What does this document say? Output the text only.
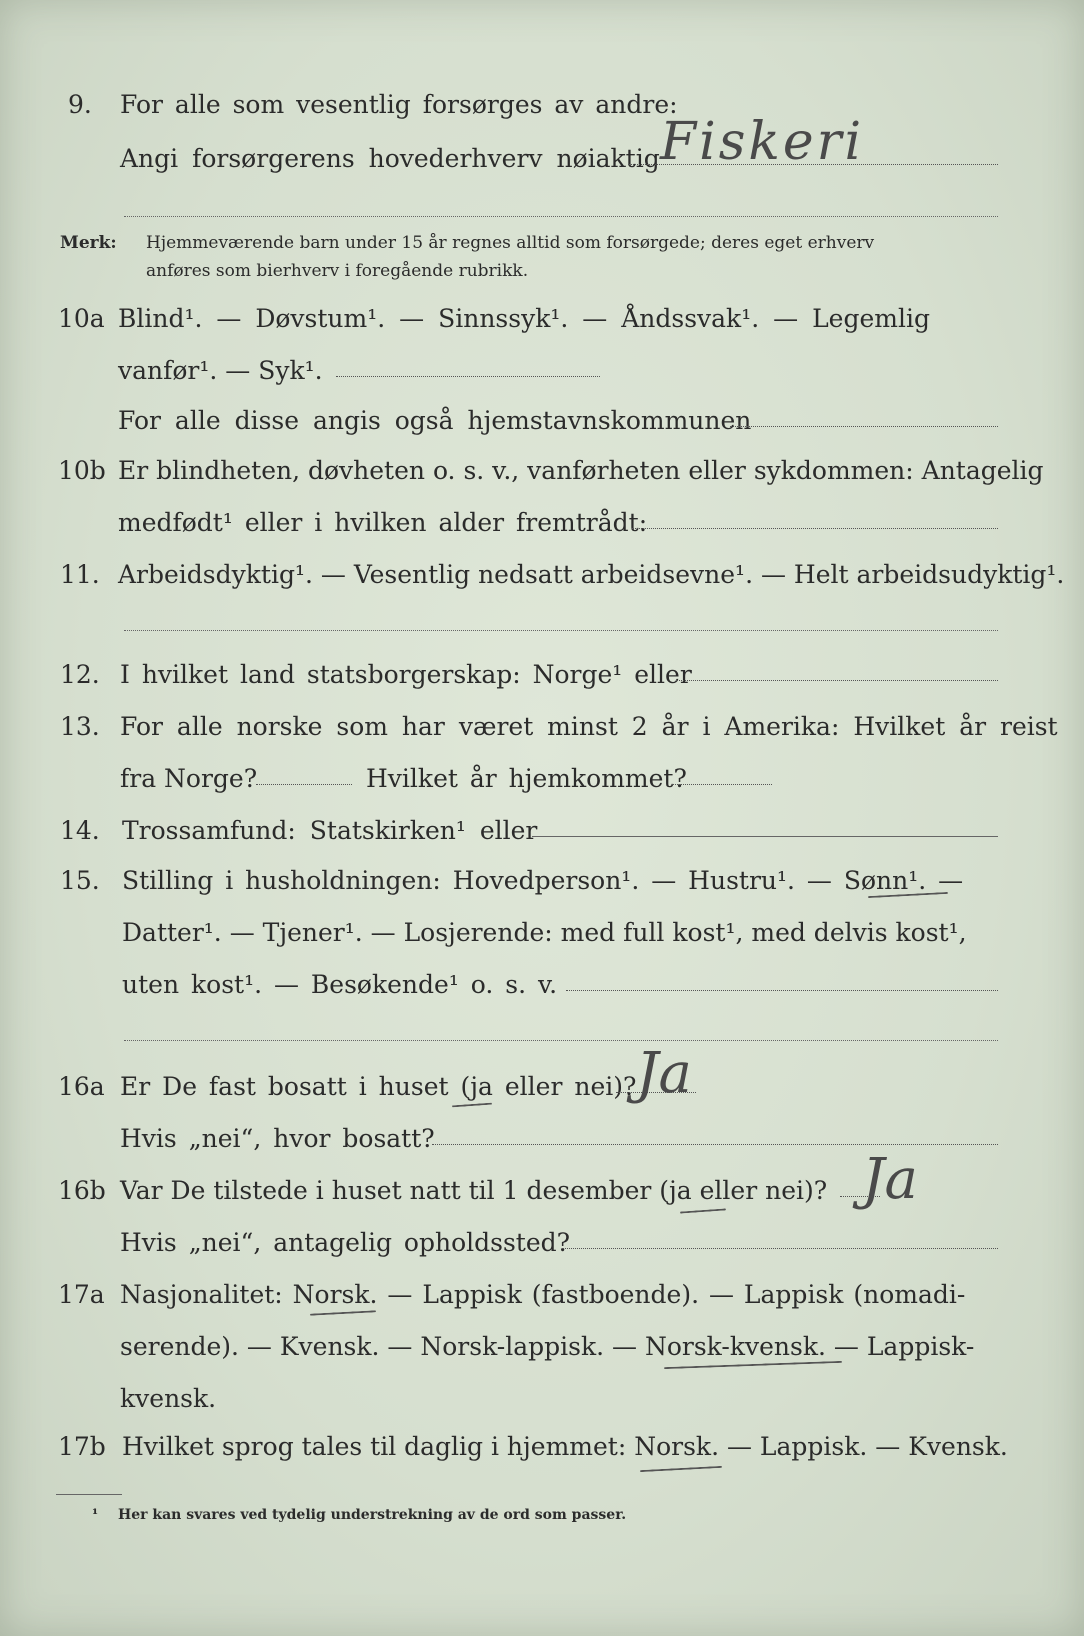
9. For alle som vesentlig forsørges av andre:
Angi forsørgerens hovederhverv nøiaktig Fiskeri
Merk: Hjemmeværende barn under 15 år regnes alltid som forsørgede; deres eget erhverv
anføres som bierhverv i foregående rubrikk.
10a Blind¹. — Døvstum¹. — Sinnssyk¹. — Åndssvak¹. — Legemlig
vanfør¹. — Syk¹.
For alle disse angis også hjemstavnskommunen
10b Er blindheten, døvheten o. s. v., vanførheten eller sykdommen: Antagelig
medfødt¹ eller i hvilken alder fremtrådt:
11. Arbeidsdyktig¹. — Vesentlig nedsatt arbeidsevne¹. — Helt arbeidsudyktig¹.
12. I hvilket land statsborgerskap: Norge¹ eller
13. For alle norske som har været minst 2 år i Amerika: Hvilket år reist
fra Norge?	Hvilket år hjemkommet?
14. Trossamfund: Statskirken¹ eller
15. Stilling i husholdningen: Hovedperson¹. — Hustru¹. — Sønn¹. —
Datter¹. — Tjener¹. — Losjerende: med full kost¹, med delvis kost¹,
uten kost¹. — Besøkende¹ o. s. v.
16a Er De fast bosatt i huset (ja eller nei)? Ja
Hvis „nei“, hvor bosatt?
16b Var De tilstede i huset natt til 1 desember (ja eller nei)? Ja
Hvis „nei“, antagelig opholdssted?
17a Nasjonalitet: Norsk. — Lappisk (fastboende). — Lappisk (nomadi-
serende). — Kvensk. — Norsk-lappisk. — Norsk-kvensk. — Lappisk-
kvensk.
17b Hvilket sprog tales til daglig i hjemmet: Norsk. — Lappisk. — Kvensk.
¹ Her kan svares ved tydelig understrekning av de ord som passer.
